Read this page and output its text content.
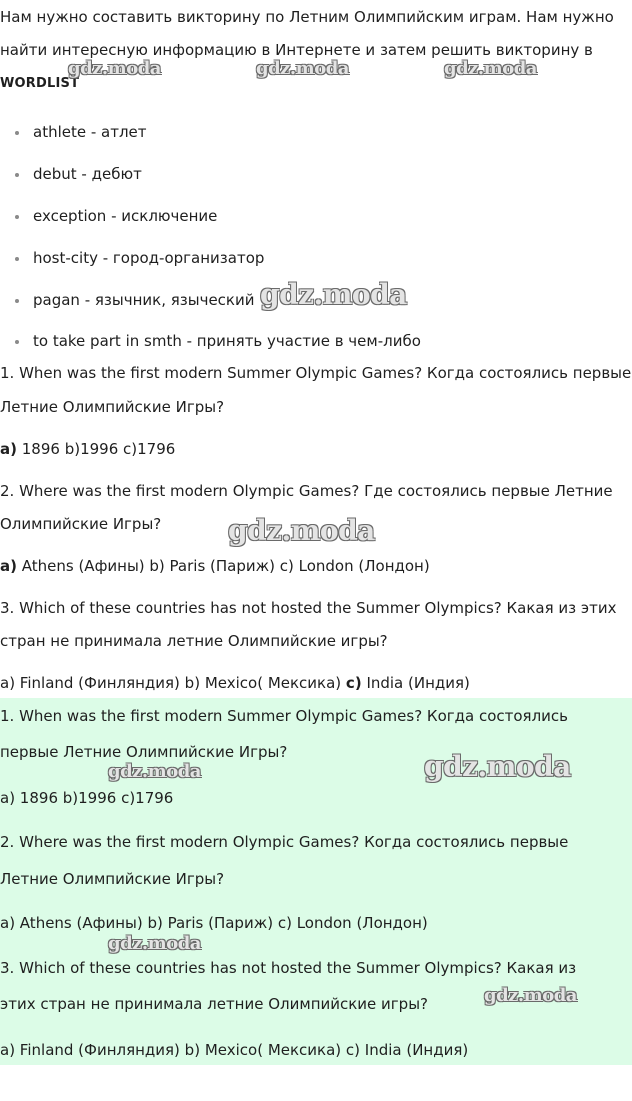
Нам нужно составить викторину по Летним Олимпийским играм. Нам нужно
найти интересную информацию в Интернете и затем решить викторину в
WORDLIST
athlete - атлет
debut - дебют
exception - исключение
host-city - город-организатор
pagan - язычник, языческий
to take part in smth - принять участие в чем-либо
1. When was the first modern Summer Olympic Games? Когда состоялись первые
Летние Олимпийские Игры?
a) 1896 b)1996 c)1796
2. Where was the first modern Olympic Games? Где состоялись первые Летние
Олимпийские Игры?
a) Athens (Афины) b) Paris (Париж) c) London (Лондон)
3. Which of these countries has not hosted the Summer Olympics? Какая из этих
стран не принимала летние Олимпийские игры?
a) Finland (Финляндия) b) Mexico( Мексика) c) India (Индия)
1. When was the first modern Summer Olympic Games? Когда состоялись
первые Летние Олимпийские Игры?
a) 1896 b)1996 c)1796
2. Where was the first modern Olympic Games? Когда состоялись первые
Летние Олимпийские Игры?
a) Athens (Афины) b) Paris (Париж) c) London (Лондон)
3. Which of these countries has not hosted the Summer Olympics? Какая из
этих стран не принимала летние Олимпийские игры?
a) Finland (Финляндия) b) Mexico( Мексика) c) India (Индия)
gdz.moda	gdz.moda	gdz.moda
gdz.moda
gdz.moda
gdz.moda	gdz.moda
gdz.moda
gdz.moda
